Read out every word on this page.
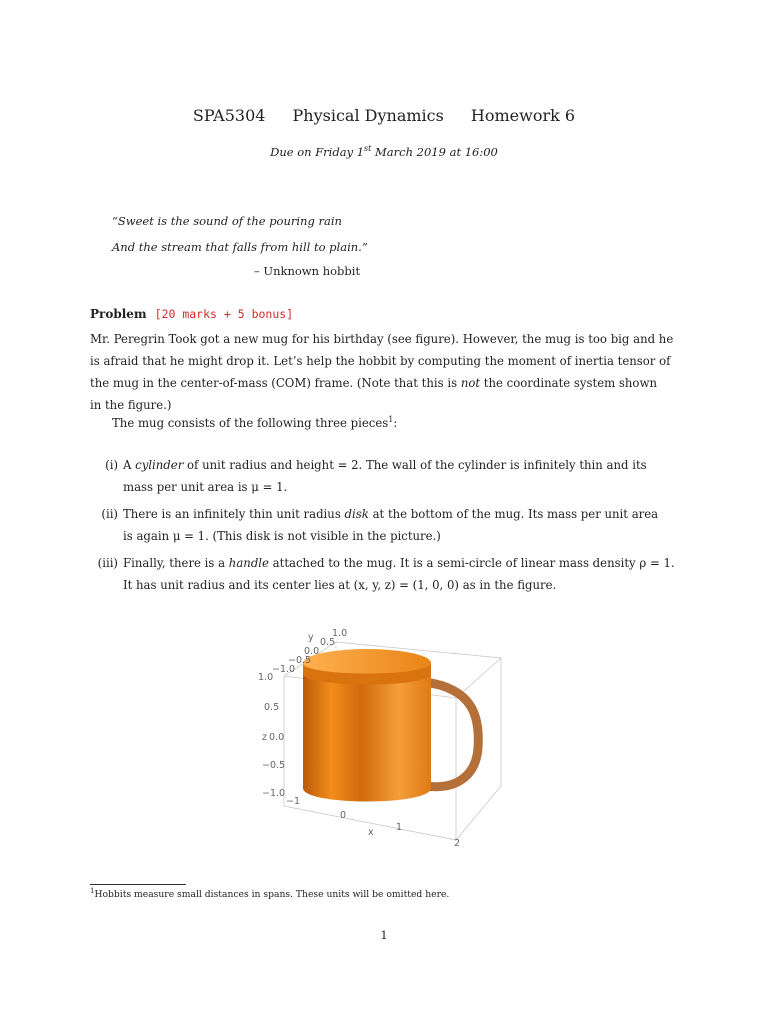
SPA5304 Physical Dynamics Homework 6
Due on Friday 1st March 2019 at 16:00
“Sweet is the sound of the pouring rain
And the stream that falls from hill to plain.”
– Unknown hobbit
Problem [20 marks + 5 bonus]
Mr. Peregrin Took got a new mug for his birthday (see figure). However, the mug is too big and he
is afraid that he might drop it. Let’s help the hobbit by computing the moment of inertia tensor of
the mug in the center-of-mass (COM) frame. (Note that this is not the coordinate system shown
in the figure.)
The mug consists of the following three pieces$^1$:
(i) A cylinder of unit radius and height = 2. The wall of the cylinder is infinitely thin and its
mass per unit area is μ = 1.
(ii) There is an infinitely thin unit radius disk at the bottom of the mug. Its mass per unit area
is again μ = 1. (This disk is not visible in the picture.)
(iii) Finally, there is a handle attached to the mug. It is a semi-circle of linear mass density ρ = 1.
It has unit radius and its center lies at (x, y, z) = (1, 0, 0) as in the figure.
1.0
0.5
z 0.0
−0.5
−1.0
y 1.0
0.5
0.0
−0.5
−1.0
−1
0
1
x
2
$^1$Hobbits measure small distances in spans. These units will be omitted here.
1
